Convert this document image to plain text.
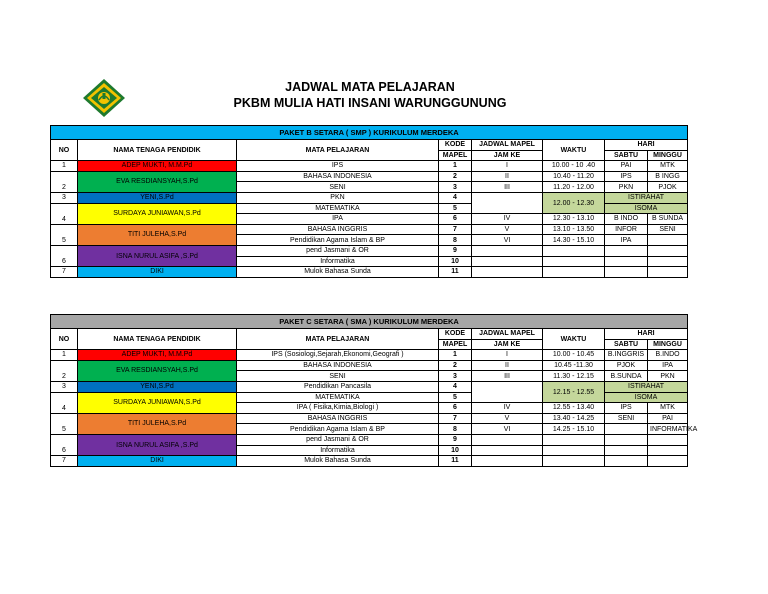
JADWAL MATA PELAJARAN
PKBM MULIA HATI INSANI WARUNGGUNUNG
PAKET B SETARA ( SMP ) KURIKULUM MERDEKA							
NO	NAMA TENAGA PENDIDIK	MATA PELAJARAN	KODE	JADWAL MAPEL	WAKTU	HARI	
			MAPEL	JAM KE		SABTU	MINGGU
1	ADEP MUKTI, M.M.Pd	IPS	1	I	10.00 - 10 .40	PAI	MTK
2	EVA RESDIANSYAH,S.Pd	BAHASA INDONESIA	2	II	10.40 - 11.20	IPS	B INGG
		SENI	3	III	11.20 - 12.00	PKN	PJOK
3	YENI,S.Pd	PKN	4		12.00 - 12.30	ISTIRAHAT	
4	SURDAYA JUNIAWAN,S.Pd	MATEMATIKA	5			ISOMA	
		IPA	6	IV	12.30 - 13.10	B INDO	B SUNDA
5	TITI JULEHA,S.Pd	BAHASA INGGRIS	7	V	13.10 - 13.50	INFOR	SENI
		Pendidikan Agama Islam & BP	8	VI	14.30 - 15.10	IPA	
6	ISNA NURUL ASIFA ,S.Pd	pend Jasmani & OR	9				
		Informatika	10				
7	DIKI	Mulok Bahasa Sunda	11				
PAKET C SETARA ( SMA ) KURIKULUM MERDEKA							
NO	NAMA TENAGA PENDIDIK	MATA PELAJARAN	KODE	JADWAL MAPEL	WAKTU	HARI	
			MAPEL	JAM KE		SABTU	MINGGU
1	ADEP MUKTI, M.M.Pd	IPS (Sosiologi,Sejarah,Ekonomi,Geografi )	1	I	10.00 - 10.45	B.INGGRIS	B.INDO
2	EVA RESDIANSYAH,S.Pd	BAHASA INDONESIA	2	II	10.45 -11.30	PJOK	IPA
		SENI	3	III	11.30 - 12.15	B.SUNDA	PKN
3	YENI,S.Pd	Pendidikan Pancasila	4		12.15 - 12.55	ISTIRAHAT	
4	SURDAYA JUNIAWAN,S.Pd	MATEMATIKA	5			ISOMA	
		IPA ( Fisika,Kimia,Biologi )	6	IV	12.55 - 13.40	IPS	MTK
5	TITI JULEHA,S.Pd	BAHASA INGGRIS	7	V	13.40 - 14.25	SENI	PAI
		Pendidikan Agama Islam & BP	8	VI	14.25 - 15.10		INFORMATIKA
6	ISNA NURUL ASIFA ,S.Pd	pend Jasmani & OR	9				
		Informatika	10				
7	DIKI	Mulok Bahasa Sunda	11				
